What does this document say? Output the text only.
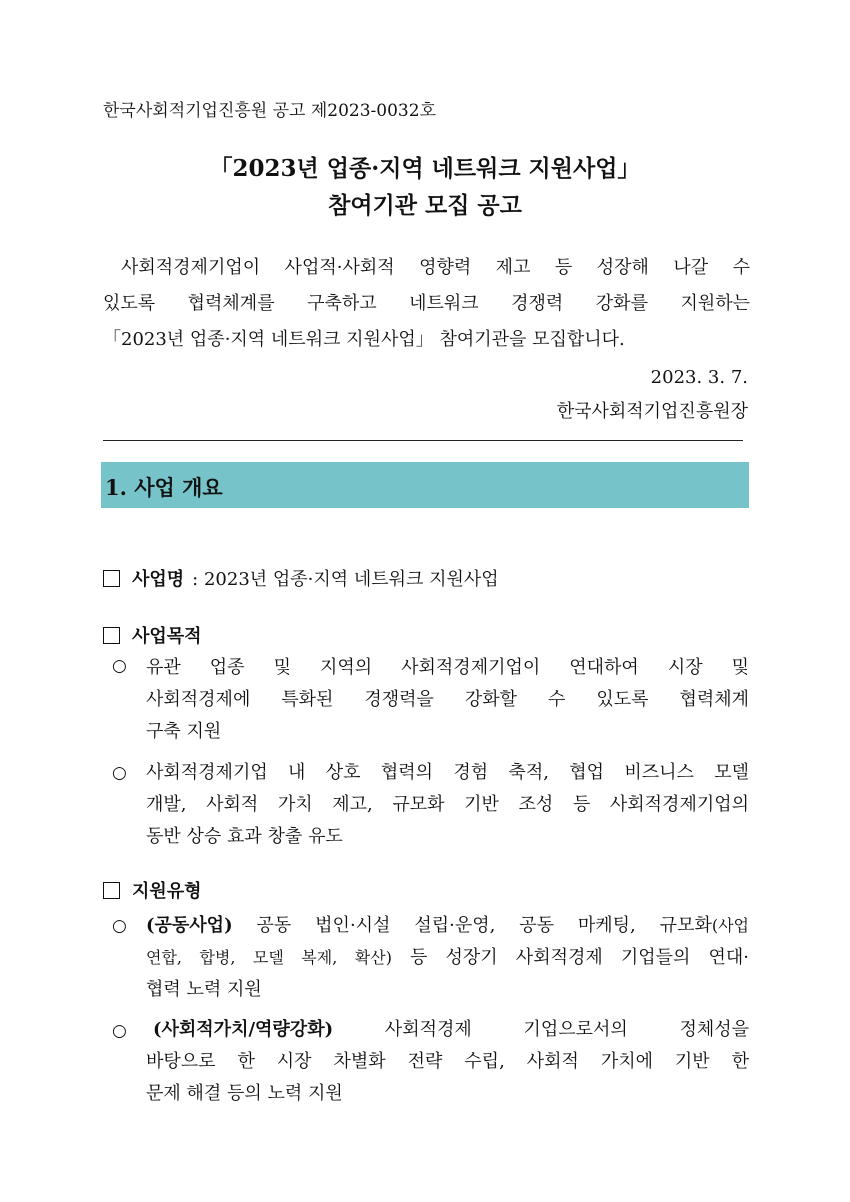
한국사회적기업진흥원 공고 제2023-0032호
「2023년 업종·지역 네트워크 지원사업」
참여기관 모집 공고

사회적경제기업이 사업적·사회적 영향력 제고 등 성장해 나갈 수

있도록 협력체계를 구축하고 네트워크 경쟁력 강화를 지원하는

「2023년 업종·지역 네트워크 지원사업」 참여기관을 모집합니다.

2023. 3. 7.
한국사회적기업진흥원장
1. 사업 개요
사업명 : 2023년 업종·지역 네트워크 지원사업
사업목적
○ 유관 업종 및 지역의 사회적경제기업이 연대하여 시장 및
사회적경제에 특화된 경쟁력을 강화할 수 있도록 협력체계
구축 지원
○ 사회적경제기업 내 상호 협력의 경험 축적, 협업 비즈니스 모델
개발, 사회적 가치 제고, 규모화 기반 조성 등 사회적경제기업의
동반 상승 효과 창출 유도
지원유형
○ (공동사업) 공동 법인·시설 설립·운영, 공동 마케팅, 규모화(사업
연합, 합병, 모델 복제, 확산) 등 성장기 사회적경제 기업들의 연대·
협력 노력 지원
○ (사회적가치/역량강화) 사회적경제 기업으로서의 정체성을
바탕으로 한 시장 차별화 전략 수립, 사회적 가치에 기반 한
문제 해결 등의 노력 지원
